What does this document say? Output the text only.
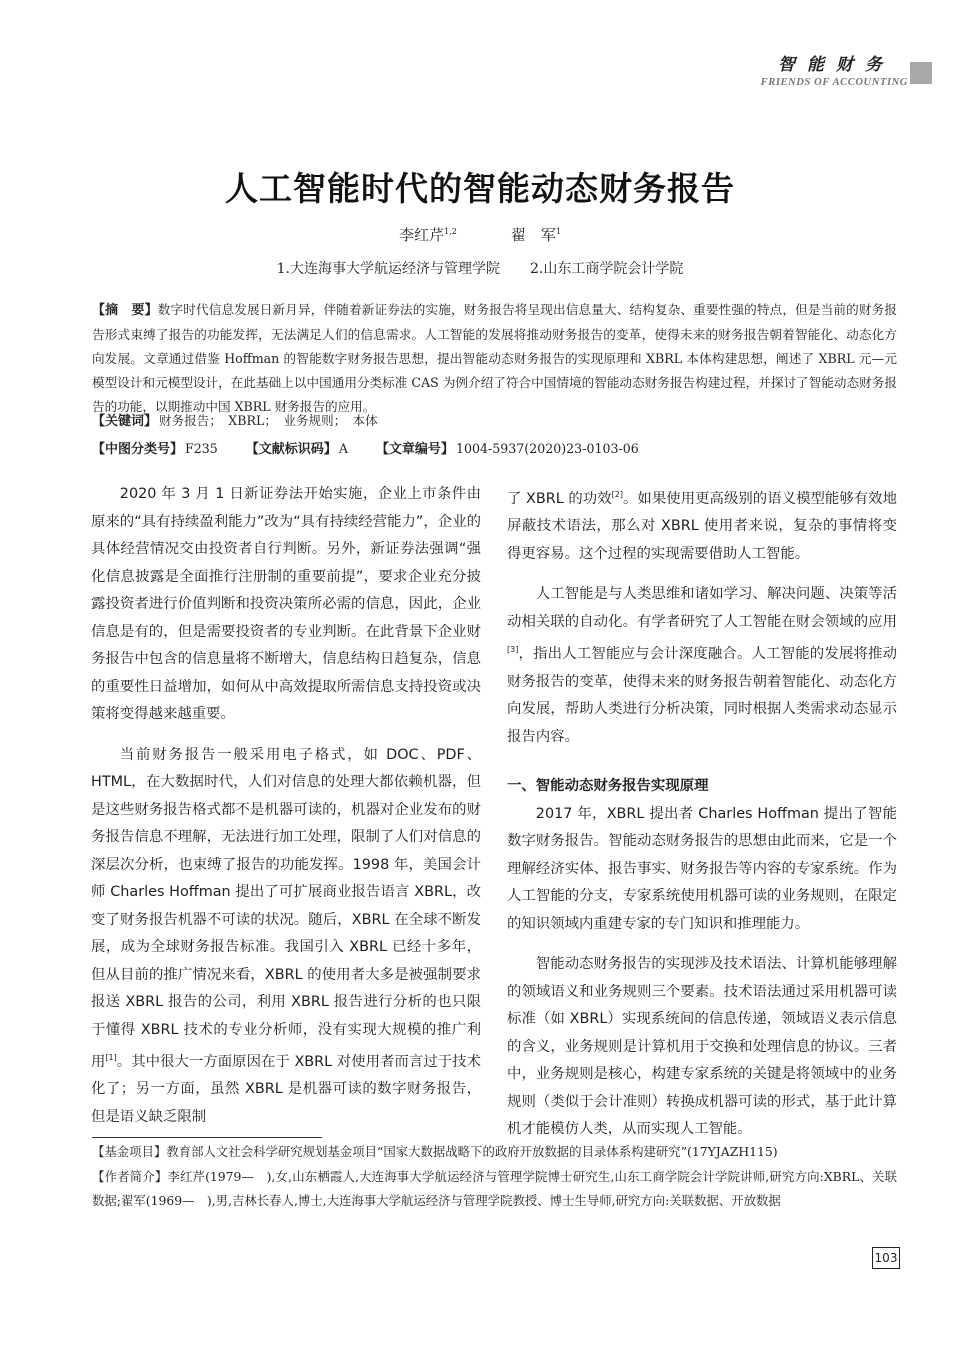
智能财务
FRIENDS OF ACCOUNTING
人工智能时代的智能动态财务报告
李红芹$^{1,2}$	翟　军$^1$
1.大连海事大学航运经济与管理学院 2.山东工商学院会计学院
【摘　要】数字时代信息发展日新月异，伴随着新证券法的实施，财务报告将呈现出信息量大、结构复杂、重要性强的特点，但是当前的财务报告形式束缚了报告的功能发挥，无法满足人们的信息需求。人工智能的发展将推动财务报告的变革，使得未来的财务报告朝着智能化、动态化方向发展。文章通过借鉴 Hoffman 的智能数字财务报告思想，提出智能动态财务报告的实现原理和 XBRL 本体构建思想，阐述了 XBRL 元—元模型设计和元模型设计，在此基础上以中国通用分类标准 CAS 为例介绍了符合中国情境的智能动态财务报告构建过程，并探讨了智能动态财务报告的功能，以期推动中国 XBRL 财务报告的应用。
【关键词】 财务报告；　XBRL；　业务规则；　本体
【中图分类号】 F235 【文献标识码】 A 【文章编号】 1004-5937(2020)23-0103-06

2020 年 3 月 1 日新证券法开始实施，企业上市条件由原来的“具有持续盈利能力”改为“具有持续经营能力”，企业的具体经营情况交由投资者自行判断。另外，新证券法强调“强化信息披露是全面推行注册制的重要前提”，要求企业充分披露投资者进行价值判断和投资决策所必需的信息，因此，企业信息是有的，但是需要投资者的专业判断。在此背景下企业财务报告中包含的信息量将不断增大，信息结构日趋复杂，信息的重要性日益增加，如何从中高效提取所需信息支持投资或决策将变得越来越重要。

当前财务报告一般采用电子格式，如 DOC、PDF、HTML，在大数据时代，人们对信息的处理大都依赖机器，但是这些财务报告格式都不是机器可读的，机器对企业发布的财务报告信息不理解，无法进行加工处理，限制了人们对信息的深层次分析，也束缚了报告的功能发挥。1998 年，美国会计师 Charles Hoffman 提出了可扩展商业报告语言 XBRL，改变了财务报告机器不可读的状况。随后，XBRL 在全球不断发展，成为全球财务报告标准。我国引入 XBRL 已经十多年，但从目前的推广情况来看，XBRL 的使用者大多是被强制要求报送 XBRL 报告的公司，利用 XBRL 报告进行分析的也只限于懂得 XBRL 技术的专业分析师，没有实现大规模的推广利用[1]。其中很大一方面原因在于 XBRL 对使用者而言过于技术化了；另一方面，虽然 XBRL 是机器可读的数字财务报告，但是语义缺乏限制

了 XBRL 的功效[2]。如果使用更高级别的语义模型能够有效地屏蔽技术语法，那么对 XBRL 使用者来说，复杂的事情将变得更容易。这个过程的实现需要借助人工智能。

人工智能是与人类思维和诸如学习、解决问题、决策等活动相关联的自动化。有学者研究了人工智能在财会领域的应用[3]，指出人工智能应与会计深度融合。人工智能的发展将推动财务报告的变革，使得未来的财务报告朝着智能化、动态化方向发展，帮助人类进行分析决策，同时根据人类需求动态显示报告内容。

一、智能动态财务报告实现原理

2017 年，XBRL 提出者 Charles Hoffman 提出了智能数字财务报告。智能动态财务报告的思想由此而来，它是一个理解经济实体、报告事实、财务报告等内容的专家系统。作为人工智能的分支，专家系统使用机器可读的业务规则，在限定的知识领域内重建专家的专门知识和推理能力。

智能动态财务报告的实现涉及技术语法、计算机能够理解的领域语义和业务规则三个要素。技术语法通过采用机器可读标准（如 XBRL）实现系统间的信息传递，领域语义表示信息的含义，业务规则是计算机用于交换和处理信息的协议。三者中，业务规则是核心，构建专家系统的关键是将领域中的业务规则（类似于会计准则）转换成机器可读的形式，基于此计算机才能模仿人类，从而实现人工智能。

【基金项目】教育部人文社会科学研究规划基金项目“国家大数据战略下的政府开放数据的目录体系构建研究”(17YJAZH115)
【作者简介】李红芹(1979—　),女,山东栖霞人,大连海事大学航运经济与管理学院博士研究生,山东工商学院会计学院讲师,研究方向:XBRL、关联数据;翟军(1969—　),男,吉林长春人,博士,大连海事大学航运经济与管理学院教授、博士生导师,研究方向:关联数据、开放数据
103
